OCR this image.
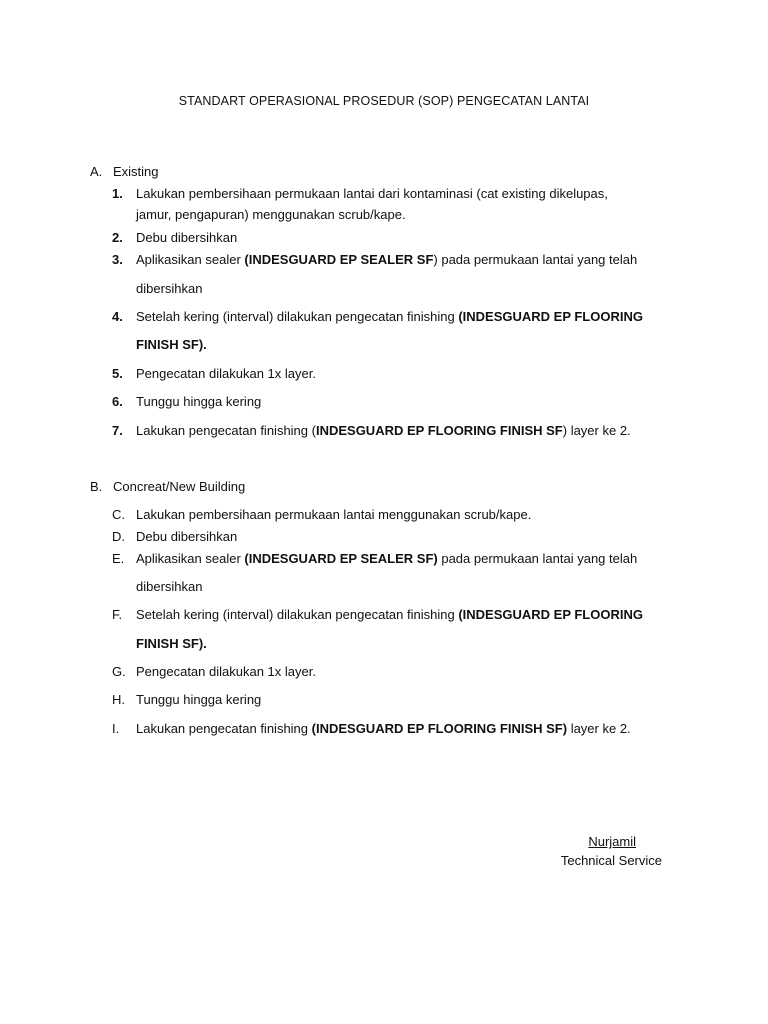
STANDART OPERASIONAL PROSEDUR (SOP) PENGECATAN LANTAI
A. Existing
1.	Lakukan pembersihaan permukaan lantai dari kontaminasi (cat existing dikelupas,
jamur, pengapuran) menggunakan scrub/kape.
2.	Debu dibersihkan
3.	Aplikasikan sealer (INDESGUARD EP SEALER SF) pada permukaan lantai yang telah
dibersihkan
4.	Setelah kering (interval) dilakukan pengecatan finishing (INDESGUARD EP FLOORING
FINISH SF).
5.	Pengecatan dilakukan 1x layer.
6.	Tunggu hingga kering
7.	Lakukan pengecatan finishing (INDESGUARD EP FLOORING FINISH SF) layer ke 2.
B. Concreat/New Building
C. Lakukan pembersihaan permukaan lantai menggunakan scrub/kape.
D. Debu dibersihkan
E. Aplikasikan sealer (INDESGUARD EP SEALER SF) pada permukaan lantai yang telah
dibersihkan
F.	Setelah kering (interval) dilakukan pengecatan finishing (INDESGUARD EP FLOORING
FINISH SF).
G. Pengecatan dilakukan 1x layer.
H. Tunggu hingga kering
I.	Lakukan pengecatan finishing (INDESGUARD EP FLOORING FINISH SF) layer ke 2.
Nurjamil
Technical Service
